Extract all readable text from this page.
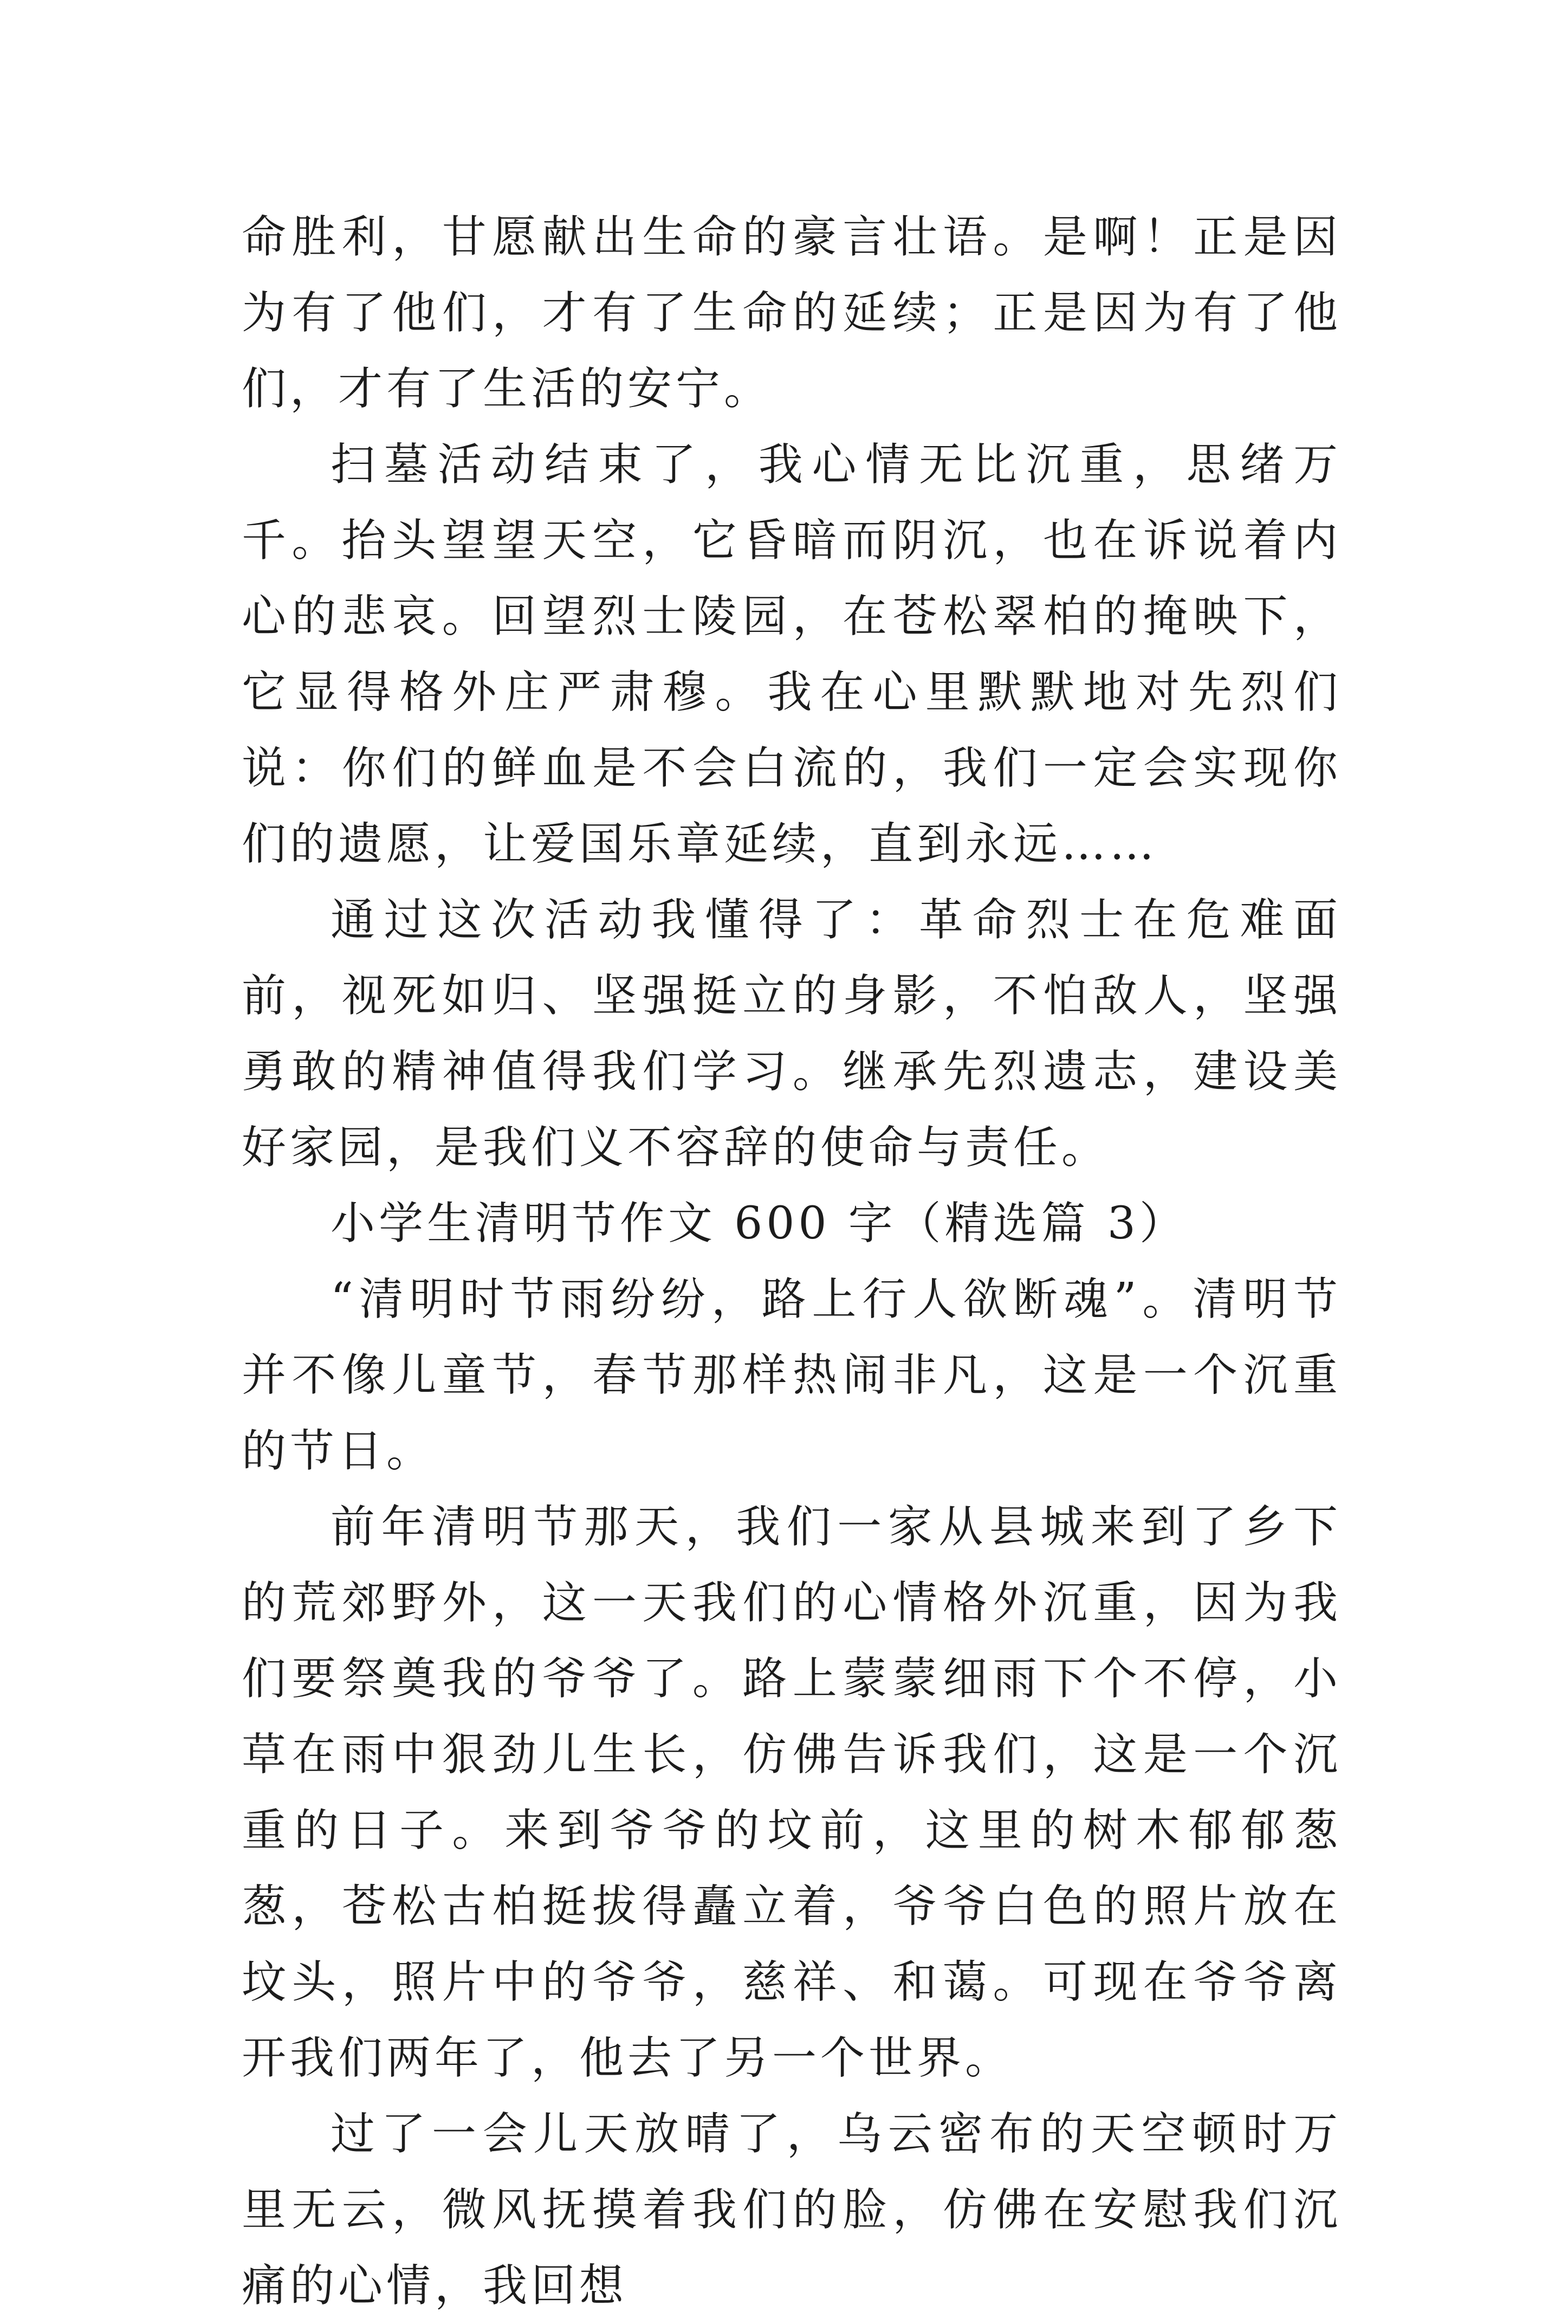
命胜利，甘愿献出生命的豪言壮语。是啊！正是因为有了他们，才有了生命的延续；正是因为有了他们，才有了生活的安宁。

扫墓活动结束了，我心情无比沉重，思绪万千。抬头望望天空，它昏暗而阴沉，也在诉说着内心的悲哀。回望烈士陵园，在苍松翠柏的掩映下，它显得格外庄严肃穆。我在心里默默地对先烈们说：你们的鲜血是不会白流的，我们一定会实现你们的遗愿，让爱国乐章延续，直到永远……

通过这次活动我懂得了：革命烈士在危难面前，视死如归、坚强挺立的身影，不怕敌人，坚强勇敢的精神值得我们学习。继承先烈遗志，建设美好家园，是我们义不容辞的使命与责任。

小学生清明节作文 600 字（精选篇 3）

“清明时节雨纷纷，路上行人欲断魂”。清明节并不像儿童节，春节那样热闹非凡，这是一个沉重的节日。

前年清明节那天，我们一家从县城来到了乡下的荒郊野外，这一天我们的心情格外沉重，因为我们要祭奠我的爷爷了。路上蒙蒙细雨下个不停，小草在雨中狠劲儿生长，仿佛告诉我们，这是一个沉重的日子。来到爷爷的坟前，这里的树木郁郁葱葱，苍松古柏挺拔得矗立着，爷爷白色的照片放在坟头，照片中的爷爷，慈祥、和蔼。可现在爷爷离开我们两年了，他去了另一个世界。

过了一会儿天放晴了，乌云密布的天空顿时万里无云，微风抚摸着我们的脸，仿佛在安慰我们沉痛的心情，我回想
